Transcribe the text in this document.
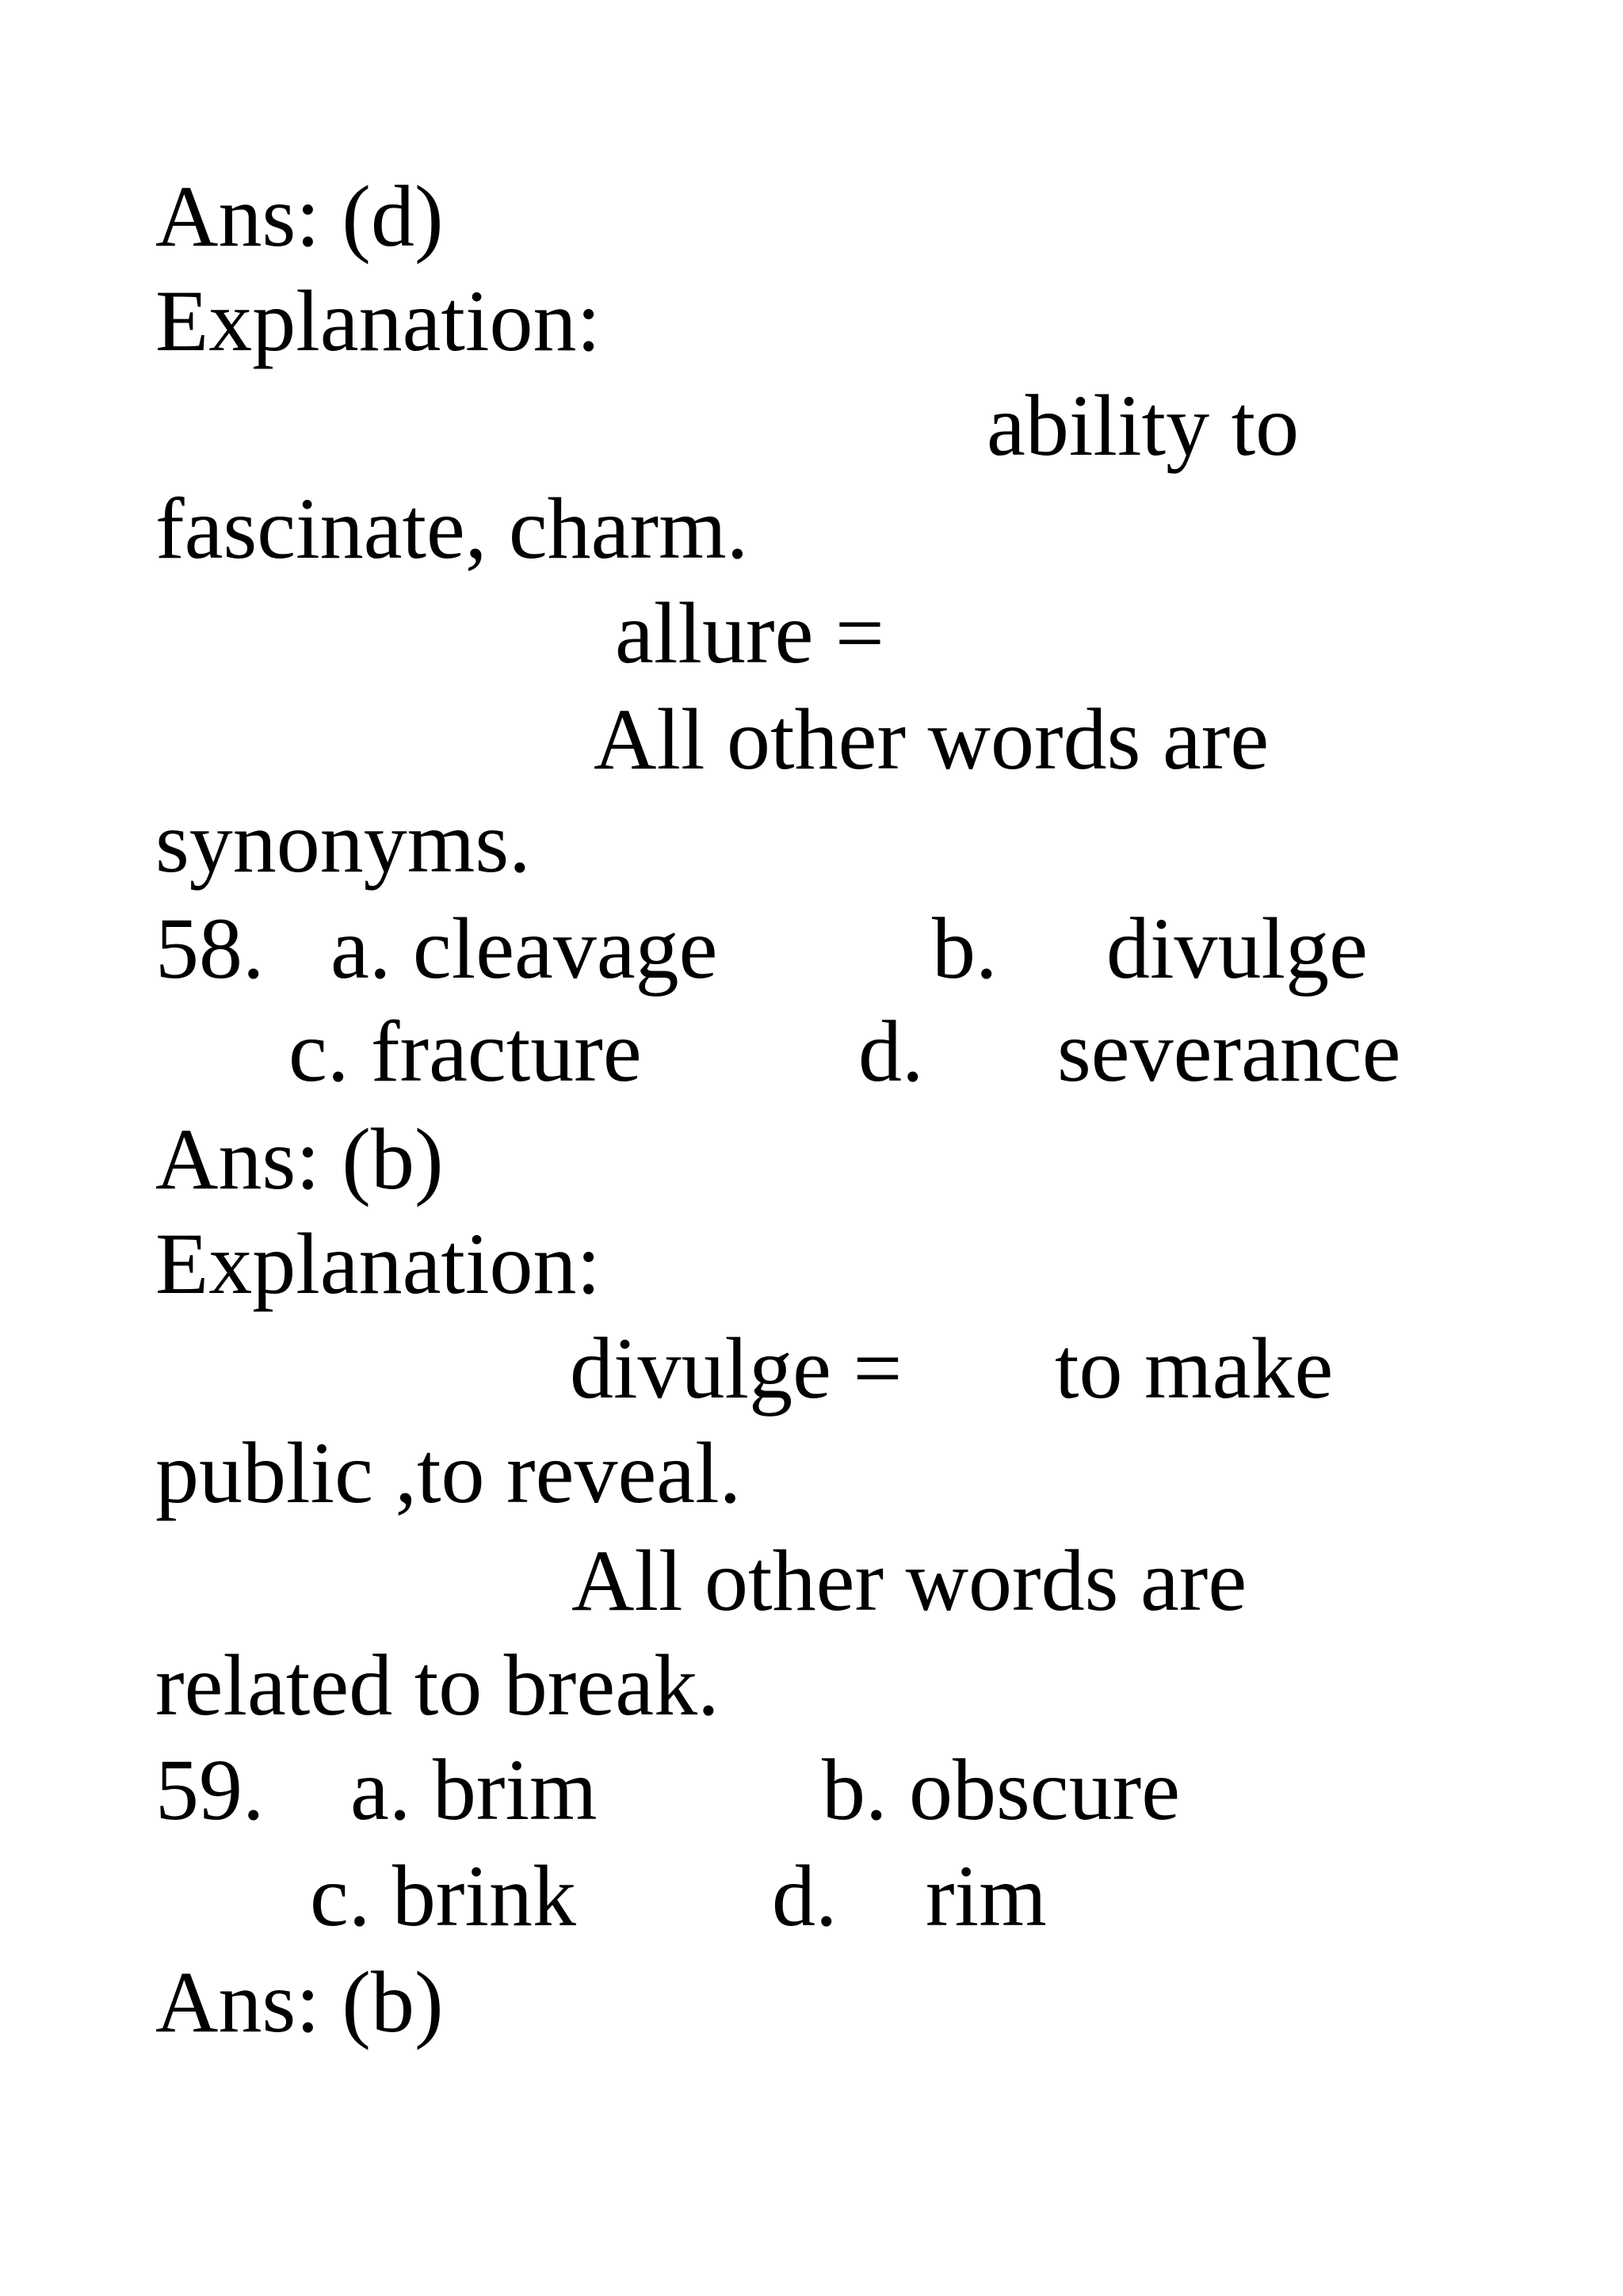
Ans: (d)

Explanation:

ability to

fascinate, charm.

allure =

All other words are

synonyms.

58. a. cleavage b. divulge

c. fracture d. severance

Ans: (b)

Explanation:

divulge = to make

public ,to reveal.

All other words are

related to break.

59. a. brim	b. obscure

c. brink d. rim

Ans: (b)
